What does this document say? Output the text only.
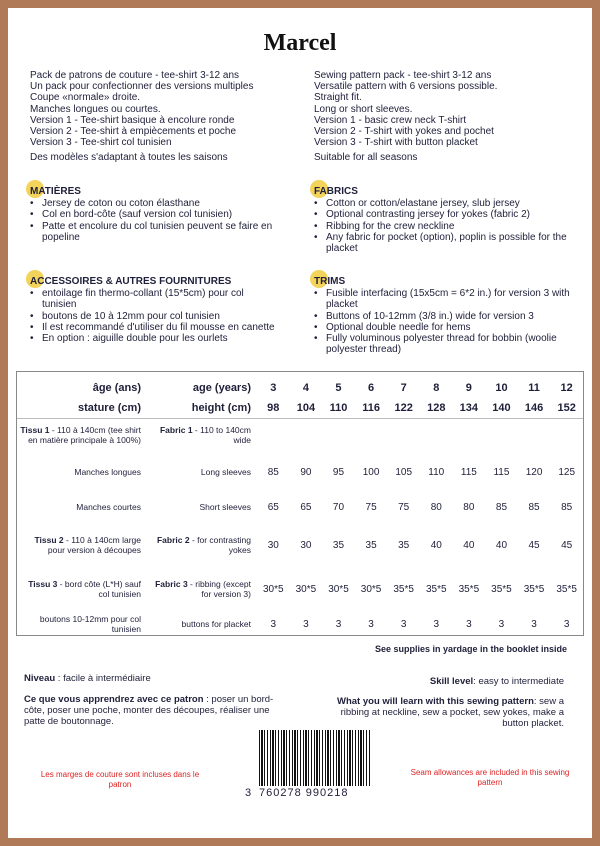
Marcel
Pack de patrons de couture - tee-shirt 3-12 ans
Un pack pour confectionner des versions multiples
Coupe «normale» droite.
Manches longues ou courtes.
Version 1 - Tee-shirt basique à encolure ronde
Version 2 - Tee-shirt à empiècements et poche
Version 3 - Tee-shirt col tunisien
Des modèles s'adaptant à toutes les saisons
Sewing pattern pack - tee-shirt 3-12 ans
Versatile pattern with 6 versions possible.
Straight fit.
Long or short sleeves.
Version 1 - basic crew neck T-shirt
Version 2 - T-shirt with yokes and pochet
Version 3 - T-shirt with button placket
Suitable for all seasons
MATIÈRES
• Jersey de coton ou coton élasthane
• Col en bord-côte (sauf version col tunisien)
• Patte et encolure du col tunisien peuvent se faire en popeline
FABRICS
• Cotton or cotton/elastane jersey, slub jersey
• Optional contrasting jersey for yokes (fabric 2)
• Ribbing for the crew neckline
• Any fabric for pocket (option), poplin is possible for the placket
ACCESSOIRES & AUTRES FOURNITURES
• entoilage fin thermo-collant (15*5cm) pour col tunisien
• boutons de 10 à 12mm pour col tunisien
• Il est recommandé d'utiliser du fil mousse en canette
• En option : aiguille double pour les ourlets
TRIMS
• Fusible interfacing (15x5cm = 6*2 in.) for version 3 with placket
• Buttons of 10-12mm (3/8 in.) wide for version 3
• Optional double needle for hems
• Fully voluminous polyester thread for bobbin (woolie polyester thread)
âge (ans)	age (years)	3	4	5	6	7	8	9	10	11	12
stature (cm)	height (cm)	98	104	110	116	122	128	134	140	146	152

Tissu 1 - 110 à 140cm (tee shirt en matière principale à 100%)	Fabric 1 - 110 to 140cm wide										
Manches longues	Long sleeves	85	90	95	100	105	110	115	115	120	125
Manches courtes	Short sleeves	65	65	70	75	75	80	80	85	85	85
Tissu 2 - 110 à 140cm large pour version à découpes	Fabric 2 - for contrasting yokes	30	30	35	35	35	40	40	40	45	45
Tissu 3 - bord côte (L*H) sauf col tunisien	Fabric 3 - ribbing (except for version 3)	30*5	30*5	30*5	30*5	35*5	35*5	35*5	35*5	35*5	35*5
boutons 10-12mm pour col tunisien	buttons for placket	3	3	3	3	3	3	3	3	3	3
See supplies in yardage in the booklet inside
Niveau : facile à intermédiaire	Skill level: easy to intermediate
Ce que vous apprendrez avec ce patron : poser un bord-côte, poser une poche, monter des découpes, réaliser une patte de boutonnage.
What you will learn with this sewing pattern: sew a ribbing at neckline, sew a pocket, sew yokes, make a button placket.
Les marges de couture sont incluses dans le patron
Seam allowances are included in this sewing pattern
3 760278 990218
